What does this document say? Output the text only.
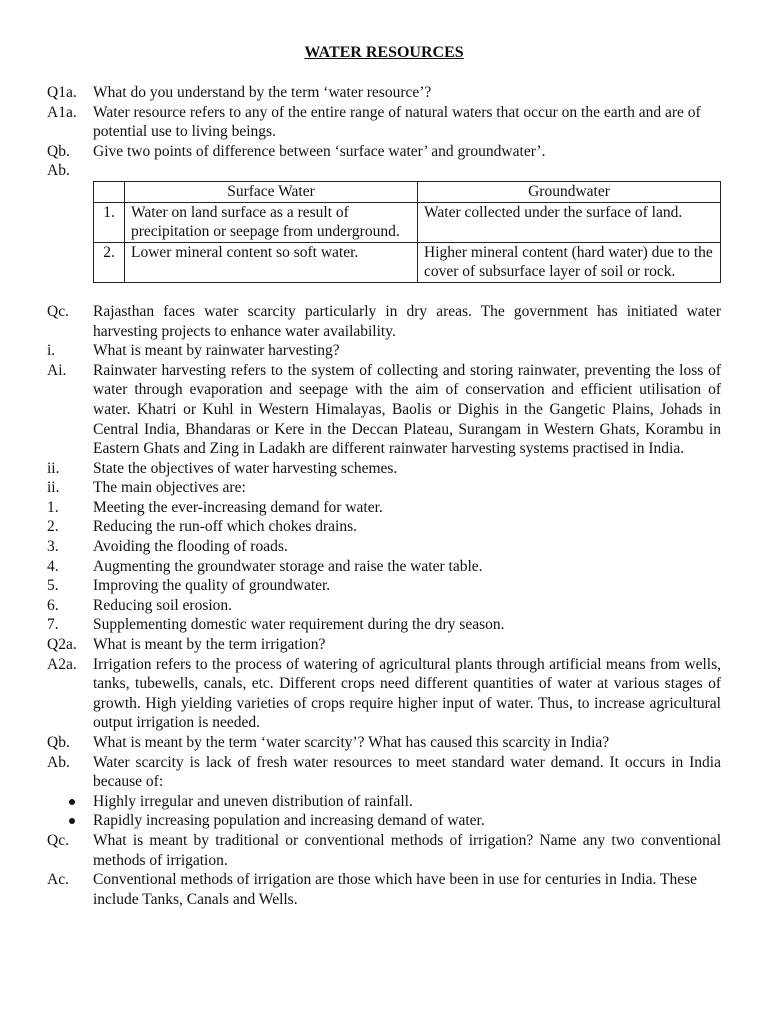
WATER RESOURCES
Q1a.	What do you understand by the term ‘water resource’?
A1a.	Water resource refers to any of the entire range of natural waters that occur on the earth and are of potential use to living beings.
Qb.	Give two points of difference between ‘surface water’ and groundwater’.
Ab.
	Surface Water	Groundwater
1.	Water on land surface as a result of precipitation or seepage from underground.	Water collected under the surface of land.
2.	Lower mineral content so soft water.	Higher mineral content (hard water) due to the cover of subsurface layer of soil or rock.
Qc.	Rajasthan faces water scarcity particularly in dry areas. The government has initiated water harvesting projects to enhance water availability.
i.	What is meant by rainwater harvesting?
Ai.	Rainwater harvesting refers to the system of collecting and storing rainwater, preventing the loss of water through evaporation and seepage with the aim of conservation and efficient utilisation of water. Khatri or Kuhl in Western Himalayas, Baolis or Dighis in the Gangetic Plains, Johads in Central India, Bhandaras or Kere in the Deccan Plateau, Surangam in Western Ghats, Korambu in Eastern Ghats and Zing in Ladakh are different rainwater harvesting systems practised in India.
ii.	State the objectives of water harvesting schemes.
ii.	The main objectives are:
1.	Meeting the ever-increasing demand for water.
2.	Reducing the run-off which chokes drains.
3.	Avoiding the flooding of roads.
4.	Augmenting the groundwater storage and raise the water table.
5.	Improving the quality of groundwater.
6.	Reducing soil erosion.
7.	Supplementing domestic water requirement during the dry season.
Q2a.	What is meant by the term irrigation?
A2a.	Irrigation refers to the process of watering of agricultural plants through artificial means from wells, tanks, tubewells, canals, etc. Different crops need different quantities of water at various stages of growth. High yielding varieties of crops require higher input of water. Thus, to increase agricultural output irrigation is needed.
Qb.	What is meant by the term ‘water scarcity’? What has caused this scarcity in India?
Ab.	Water scarcity is lack of fresh water resources to meet standard water demand. It occurs in India because of:
Highly irregular and uneven distribution of rainfall.
Rapidly increasing population and increasing demand of water.
Qc.	What is meant by traditional or conventional methods of irrigation? Name any two conventional methods of irrigation.
Ac.	Conventional methods of irrigation are those which have been in use for centuries in India. These include Tanks, Canals and Wells.
